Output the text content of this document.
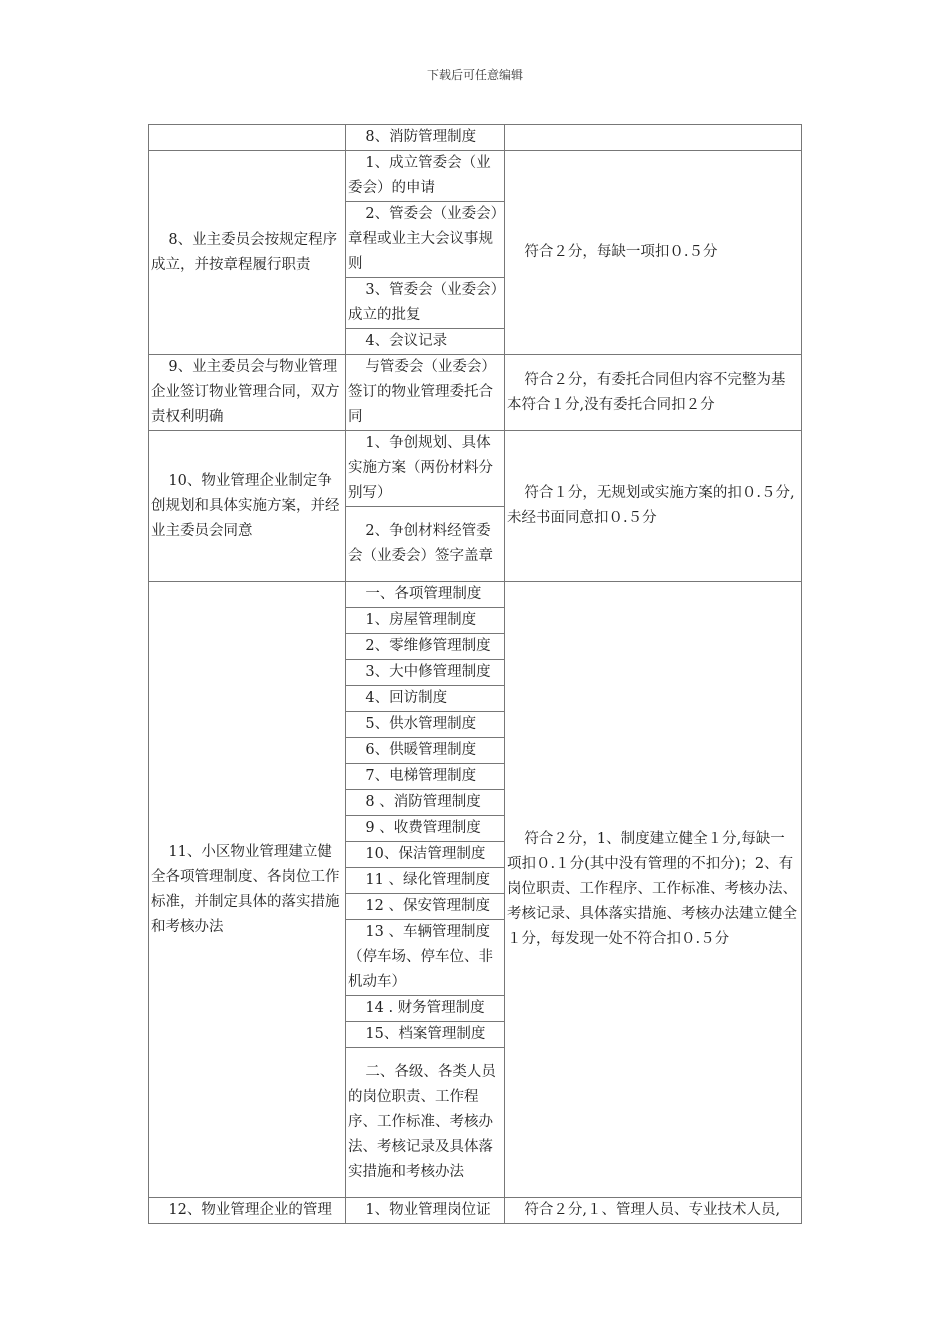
下载后可任意编辑
	8、消防管理制度	
8、业主委员会按规定程序成立，并按章程履行职责	1、成立管委会（业委会）的申请	符合２分，每缺一项扣０.５分
	2、管委会（业委会）章程或业主大会议事规则	
	3、管委会（业委会）成立的批复	
	4、会议记录	
9、业主委员会与物业管理企业签订物业管理合同，双方责权利明确	与管委会（业委会）签订的物业管理委托合同	符合２分，有委托合同但内容不完整为基本符合１分,没有委托合同扣２分
10、物业管理企业制定争创规划和具体实施方案，并经业主委员会同意	1、争创规划、具体实施方案（两份材料分别写）	符合１分，无规划或实施方案的扣０.５分,未经书面同意扣０.５分
	2、争创材料经管委会（业委会）签字盖章	
11、小区物业管理建立健全各项管理制度、各岗位工作标准，并制定具体的落实措施和考核办法	一、各项管理制度	符合２分，1、制度建立健全１分,每缺一项扣０.１分(其中没有管理的不扣分)；2、有岗位职责、工作程序、工作标准、考核办法、考核记录、具体落实措施、考核办法建立健全１分，每发现一处不符合扣０.５分
	1、房屋管理制度	
	2、零维修管理制度	
	3、大中修管理制度	
	4、回访制度	
	5、供水管理制度	
	6、供暖管理制度	
	7、电梯管理制度	
	8 、消防管理制度	
	9 、收费管理制度	
	10、保洁管理制度	
	11 、绿化管理制度	
	12 、保安管理制度	
	13 、车辆管理制度（停车场、停车位、非机动车）	
	14 . 财务管理制度	
	15、档案管理制度	
	二、各级、各类人员的岗位职责、工作程序、工作标准、考核办法、考核记录及具体落实措施和考核办法	
12、物业管理企业的管理	1、物业管理岗位证	符合２分,１、管理人员、专业技术人员,
